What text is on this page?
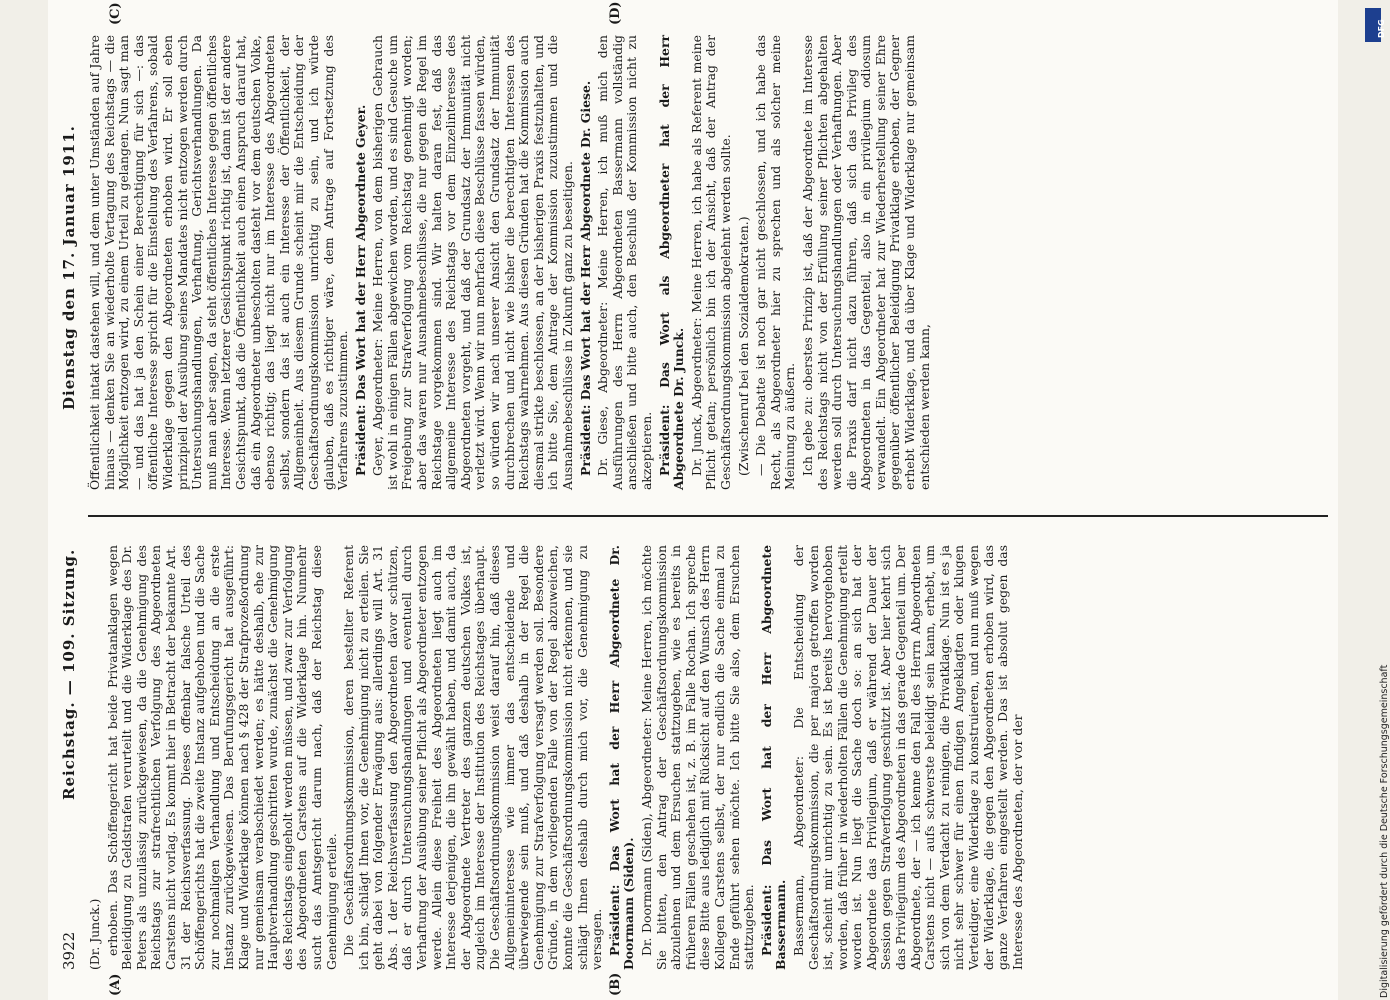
3922
Reichstag. — 109. Sitzung.
Dienstag den 17. Januar 1911.
(A)	(B)
(C)	(D)

(Dr. Junck.) erhoben. Das Schöffengericht hat beide Privatanklagen wegen Beleidigung zu Geldstrafen verurteilt und die Widerklage des Dr. Peters als unzulässig zurückgewiesen, da die Genehmigung des Reichstags zur strafrechtlichen Verfolgung des Abgeordneten Carstens nicht vorlag. Es kommt hier in Betracht der bekannte Art. 31 der Reichsverfassung. Dieses offenbar falsche Urteil des Schöffengerichts hat die zweite Instanz aufgehoben und die Sache zur nochmaligen Verhandlung und Entscheidung an die erste Instanz zurückgewiesen. Das Berufungsgericht hat ausgeführt: Klage und Widerklage können nach § 428 der Strafprozeßordnung nur gemeinsam verabschiedet werden; es hätte deshalb, ehe zur Hauptverhandlung geschritten wurde, zunächst die Genehmigung des Reichstags eingeholt werden müssen, und zwar zur Verfolgung des Abgeordneten Carstens auf die Widerklage hin. Nunmehr sucht das Amtsgericht darum nach, daß der Reichstag diese Genehmigung erteile. Die Geschäftsordnungskommission, deren bestellter Referent ich bin, schlägt Ihnen vor, die Genehmigung nicht zu erteilen. Sie geht dabei von folgender Erwägung aus: allerdings will Art. 31 Abs. 1 der Reichsverfassung den Abgeordneten davor schützen, daß er durch Untersuchungshandlungen und eventuell durch Verhaftung der Ausübung seiner Pflicht als Abgeordneter entzogen werde. Allein diese Freiheit des Abgeordneten liegt auch im Interesse derjenigen, die ihn gewählt haben, und damit auch, da der Abgeordnete Vertreter des ganzen deutschen Volkes ist, zugleich im Interesse der Institution des Reichstages überhaupt. Die Geschäftsordnungskommission weist darauf hin, daß dieses Allgemeininteresse wie immer das entscheidende und überwiegende sein muß, und daß deshalb in der Regel die Genehmigung zur Strafverfolgung versagt werden soll. Besondere Gründe, in dem vorliegenden Falle von der Regel abzuweichen, konnte die Geschäftsordnungskommission nicht erkennen, und sie schlägt Ihnen deshalb durch mich vor, die Genehmigung zu versagen. Präsident: Das Wort hat der Herr Abgeordnete Dr. Doormann (Siden). Dr. Doormann (Siden), Abgeordneter: Meine Herren, ich möchte Sie bitten, den Antrag der Geschäftsordnungskommission abzulehnen und dem Ersuchen stattzugeben, wie es bereits in früheren Fällen geschehen ist, z. B. im Falle Rochan. Ich spreche diese Bitte aus lediglich mit Rücksicht auf den Wunsch des Herrn Kollegen Carstens selbst, der nur endlich die Sache einmal zu Ende geführt sehen möchte. Ich bitte Sie also, dem Ersuchen stattzugeben. Präsident: Das Wort hat der Herr Abgeordnete Bassermann. Bassermann, Abgeordneter: Die Entscheidung der Geschäftsordnungskommission, die per majora getroffen worden ist, scheint mir unrichtig zu sein. Es ist bereits hervorgehoben worden, daß früher in wiederholten Fällen die Genehmigung erteilt worden ist. Nun liegt die Sache doch so: an sich hat der Abgeordnete das Privilegium, daß er während der Dauer der Session gegen Strafverfolgung geschützt ist. Aber hier kehrt sich das Privilegium des Abgeordneten in das gerade Gegenteil um. Der Abgeordnete, der — ich kenne den Fall des Herrn Abgeordneten Carstens nicht — aufs schwerste beleidigt sein kann, erhebt, um sich von dem Verdacht zu reinigen, die Privatklage. Nun ist es ja nicht sehr schwer für einen findigen Angeklagten oder klugen Verteidiger, eine Widerklage zu konstruieren, und nun muß wegen der Widerklage, die gegen den Abgeordneten erhoben wird, das ganze Verfahren eingestellt werden. Das ist absolut gegen das Interesse des Abgeordneten, der vor der

Öffentlichkeit intakt dastehen will, und dem unter Umständen auf Jahre hinaus — denken Sie an wiederholte Vertagung des Reichstags — die Möglichkeit entzogen wird, zu einem Urteil zu gelangen. Nun sagt man — und das hat ja den Schein einer Berechtigung für sich —: das öffentliche Interesse spricht für die Einstellung des Verfahrens, sobald Widerklage gegen den Abgeordneten erhoben wird. Er soll eben prinzipiell der Ausübung seines Mandates nicht entzogen werden durch Untersuchungshandlungen, Verhaftung, Gerichtsverhandlungen. Da muß man aber sagen, da steht öffentliches Interesse gegen öffentliches Interesse. Wenn letzterer Gesichtspunkt richtig ist, dann ist der andere Gesichtspunkt, daß die Öffentlichkeit auch einen Anspruch darauf hat, daß ein Abgeordneter unbescholten dasteht vor dem deutschen Volke, ebenso richtig; das liegt nicht nur im Interesse des Abgeordneten selbst, sondern das ist auch ein Interesse der Öffentlichkeit, der Allgemeinheit. Aus diesem Grunde scheint mir die Entscheidung der Geschäftsordnungskommission unrichtig zu sein, und ich würde glauben, daß es richtiger wäre, dem Antrage auf Fortsetzung des Verfahrens zuzustimmen. Präsident: Das Wort hat der Herr Abgeordnete Geyer. Geyer, Abgeordneter: Meine Herren, von dem bisherigen Gebrauch ist wohl in einigen Fällen abgewichen worden, und es sind Gesuche um Freigebung zur Strafverfolgung vom Reichstag genehmigt worden; aber das waren nur Ausnahmebeschlüsse, die nur gegen die Regel im Reichstage vorgekommen sind. Wir halten daran fest, daß das allgemeine Interesse des Reichstags vor dem Einzelinteresse des Abgeordneten vorgeht, und daß der Grundsatz der Immunität nicht verletzt wird. Wenn wir nun mehrfach diese Beschlüsse fassen würden, so würden wir nach unserer Ansicht den Grundsatz der Immunität durchbrechen und nicht wie bisher die berechtigten Interessen des Reichstags wahrnehmen. Aus diesen Gründen hat die Kommission auch diesmal strikte beschlossen, an der bisherigen Praxis festzuhalten, und ich bitte Sie, dem Antrage der Kommission zuzustimmen und die Ausnahmebeschlüsse in Zukunft ganz zu beseitigen. Präsident: Das Wort hat der Herr Abgeordnete Dr. Giese. Dr. Giese, Abgeordneter: Meine Herren, ich muß mich den Ausführungen des Herrn Abgeordneten Bassermann vollständig anschließen und bitte auch, den Beschluß der Kommission nicht zu akzeptieren. Präsident: Das Wort als Abgeordneter hat der Herr Abgeordnete Dr. Junck. Dr. Junck, Abgeordneter: Meine Herren, ich habe als Referent meine Pflicht getan; persönlich bin ich der Ansicht, daß der Antrag der Geschäftsordnungskommission abgelehnt werden sollte. (Zwischenruf bei den Sozialdemokraten.) — Die Debatte ist noch gar nicht geschlossen, und ich habe das Recht, als Abgeordneter hier zu sprechen und als solcher meine Meinung zu äußern. Ich gebe zu: oberstes Prinzip ist, daß der Abgeordnete im Interesse des Reichstags nicht von der Erfüllung seiner Pflichten abgehalten werden soll durch Untersuchungshandlungen oder Verhaftungen. Aber die Praxis darf nicht dazu führen, daß sich das Privileg des Abgeordneten in das Gegenteil, also in ein privilegium odiosum verwandelt. Ein Abgeordneter hat zur Wiederherstellung seiner Ehre gegenüber öffentlicher Beleidigung Privatklage erhoben, der Gegner erhebt Widerklage, und da über Klage und Widerklage nur gemeinsam entschieden werden kann,

Digitalisierung gefördert durch die Deutsche Forschungsgemeinschaft
DFG
